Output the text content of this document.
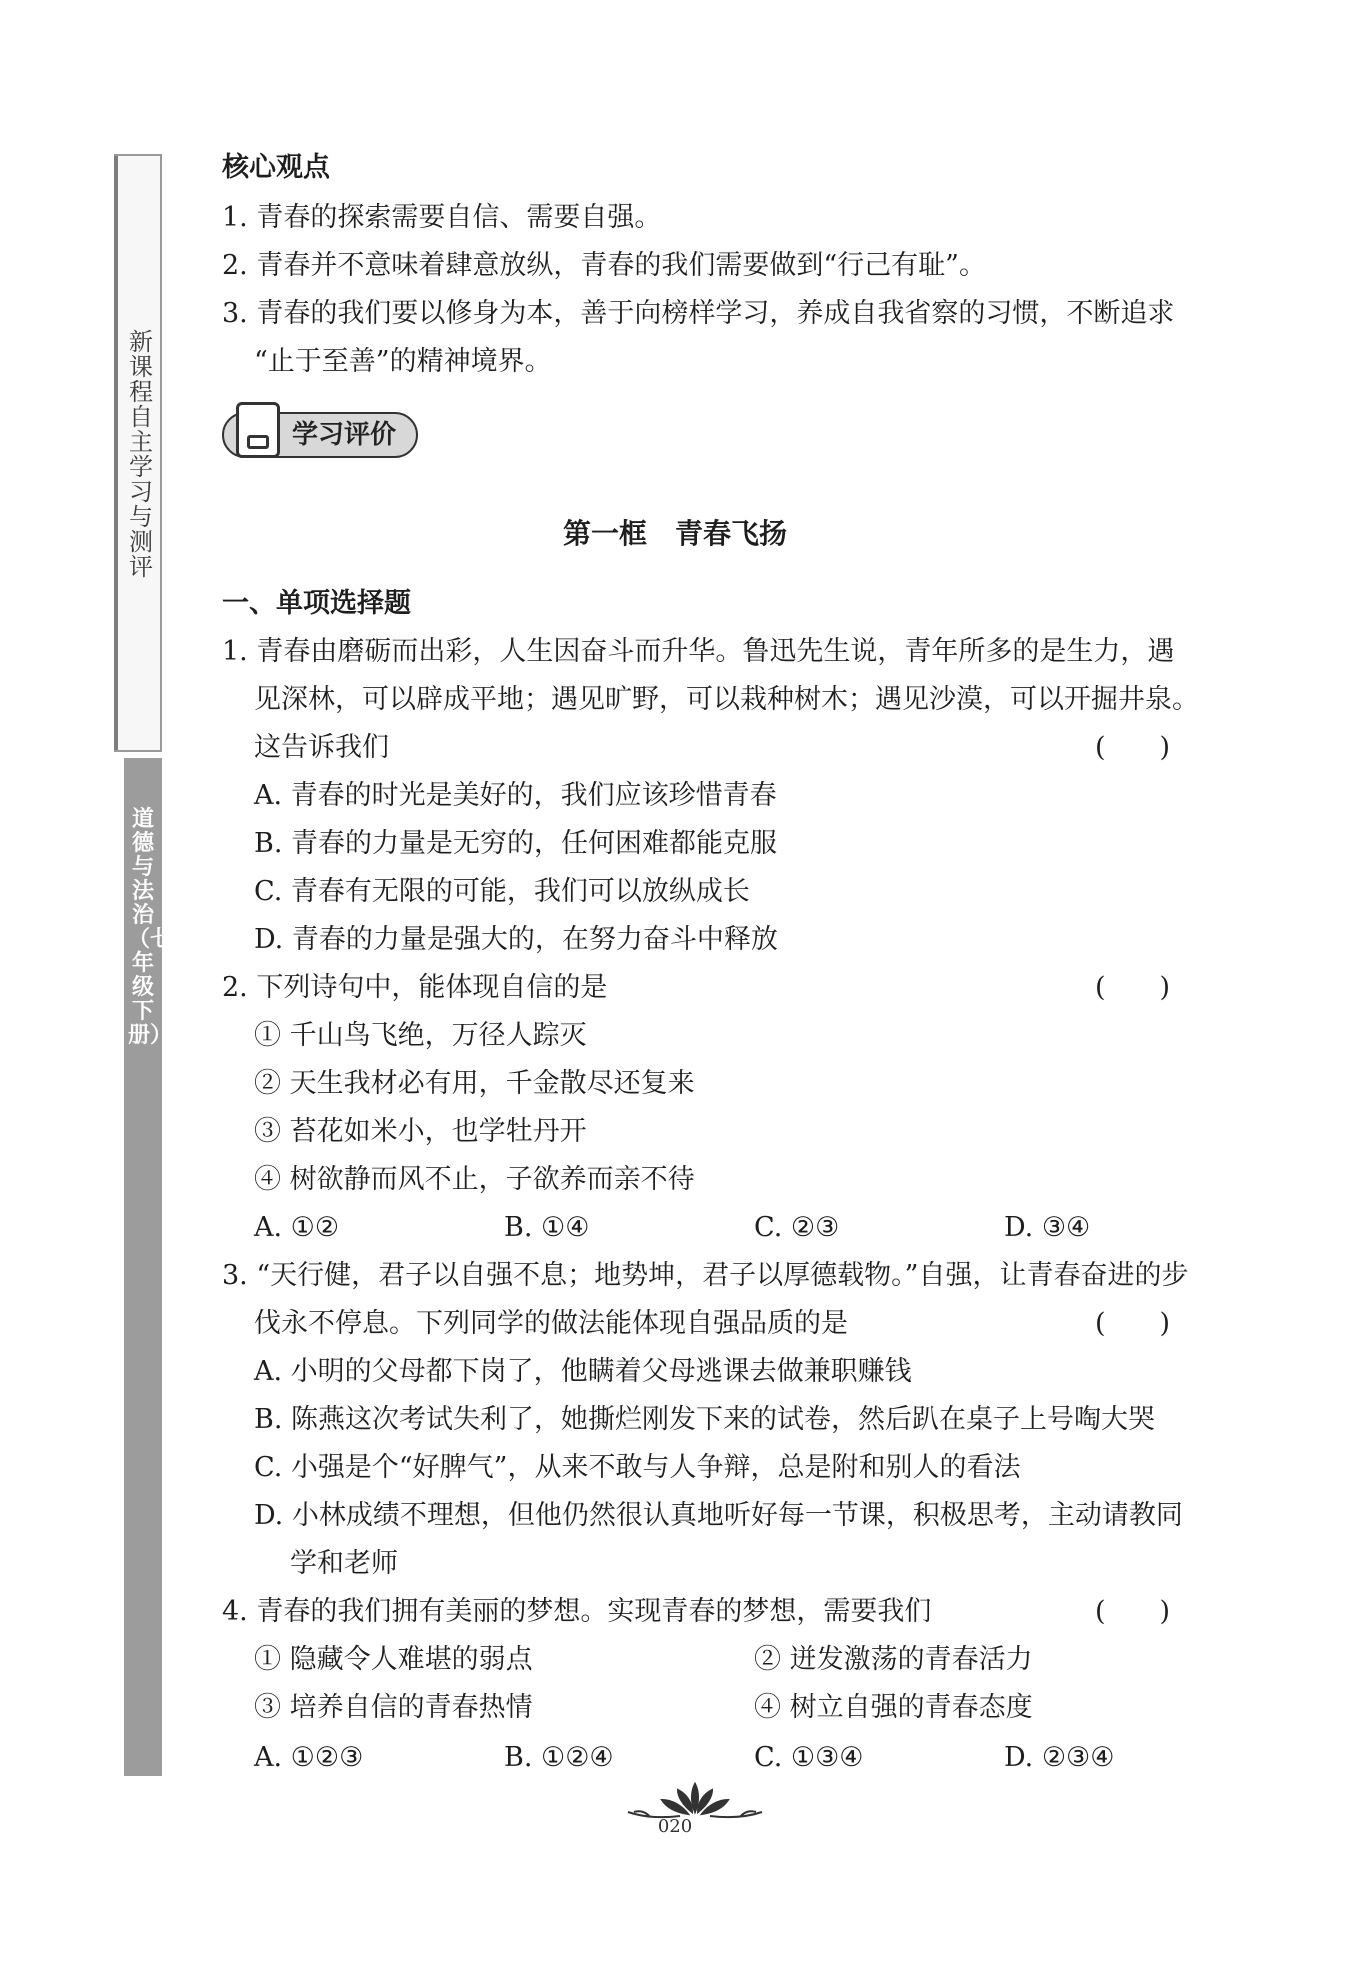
新课程自主学习与测评
道德与法治（七年级下册）
核心观点
1. 青春的探索需要自信、需要自强。
2. 青春并不意味着肆意放纵，青春的我们需要做到“行己有耻”。
3. 青春的我们要以修身为本，善于向榜样学习，养成自我省察的习惯，不断追求
“止于至善”的精神境界。
学习评价
第一框　青春飞扬
一、单项选择题
1. 青春由磨砺而出彩，人生因奋斗而升华。鲁迅先生说，青年所多的是生力，遇
见深林，可以辟成平地；遇见旷野，可以栽种树木；遇见沙漠，可以开掘井泉。
这告诉我们	(　　)
A. 青春的时光是美好的，我们应该珍惜青春
B. 青春的力量是无穷的，任何困难都能克服
C. 青春有无限的可能，我们可以放纵成长
D. 青春的力量是强大的，在努力奋斗中释放
2. 下列诗句中，能体现自信的是	(　　)
① 千山鸟飞绝，万径人踪灭
② 天生我材必有用，千金散尽还复来
③ 苔花如米小，也学牡丹开
④ 树欲静而风不止，子欲养而亲不待
A. ①②	B. ①④	C. ②③	D. ③④
3. “天行健，君子以自强不息；地势坤，君子以厚德载物。”自强，让青春奋进的步
伐永不停息。下列同学的做法能体现自强品质的是	(　　)
A. 小明的父母都下岗了，他瞒着父母逃课去做兼职赚钱
B. 陈燕这次考试失利了，她撕烂刚发下来的试卷，然后趴在桌子上号啕大哭
C. 小强是个“好脾气”，从来不敢与人争辩，总是附和别人的看法
D. 小林成绩不理想，但他仍然很认真地听好每一节课，积极思考，主动请教同
学和老师
4. 青春的我们拥有美丽的梦想。实现青春的梦想，需要我们	(　　)
① 隐藏令人难堪的弱点	② 迸发激荡的青春活力
③ 培养自信的青春热情	④ 树立自强的青春态度
A. ①②③	B. ①②④	C. ①③④	D. ②③④
020
